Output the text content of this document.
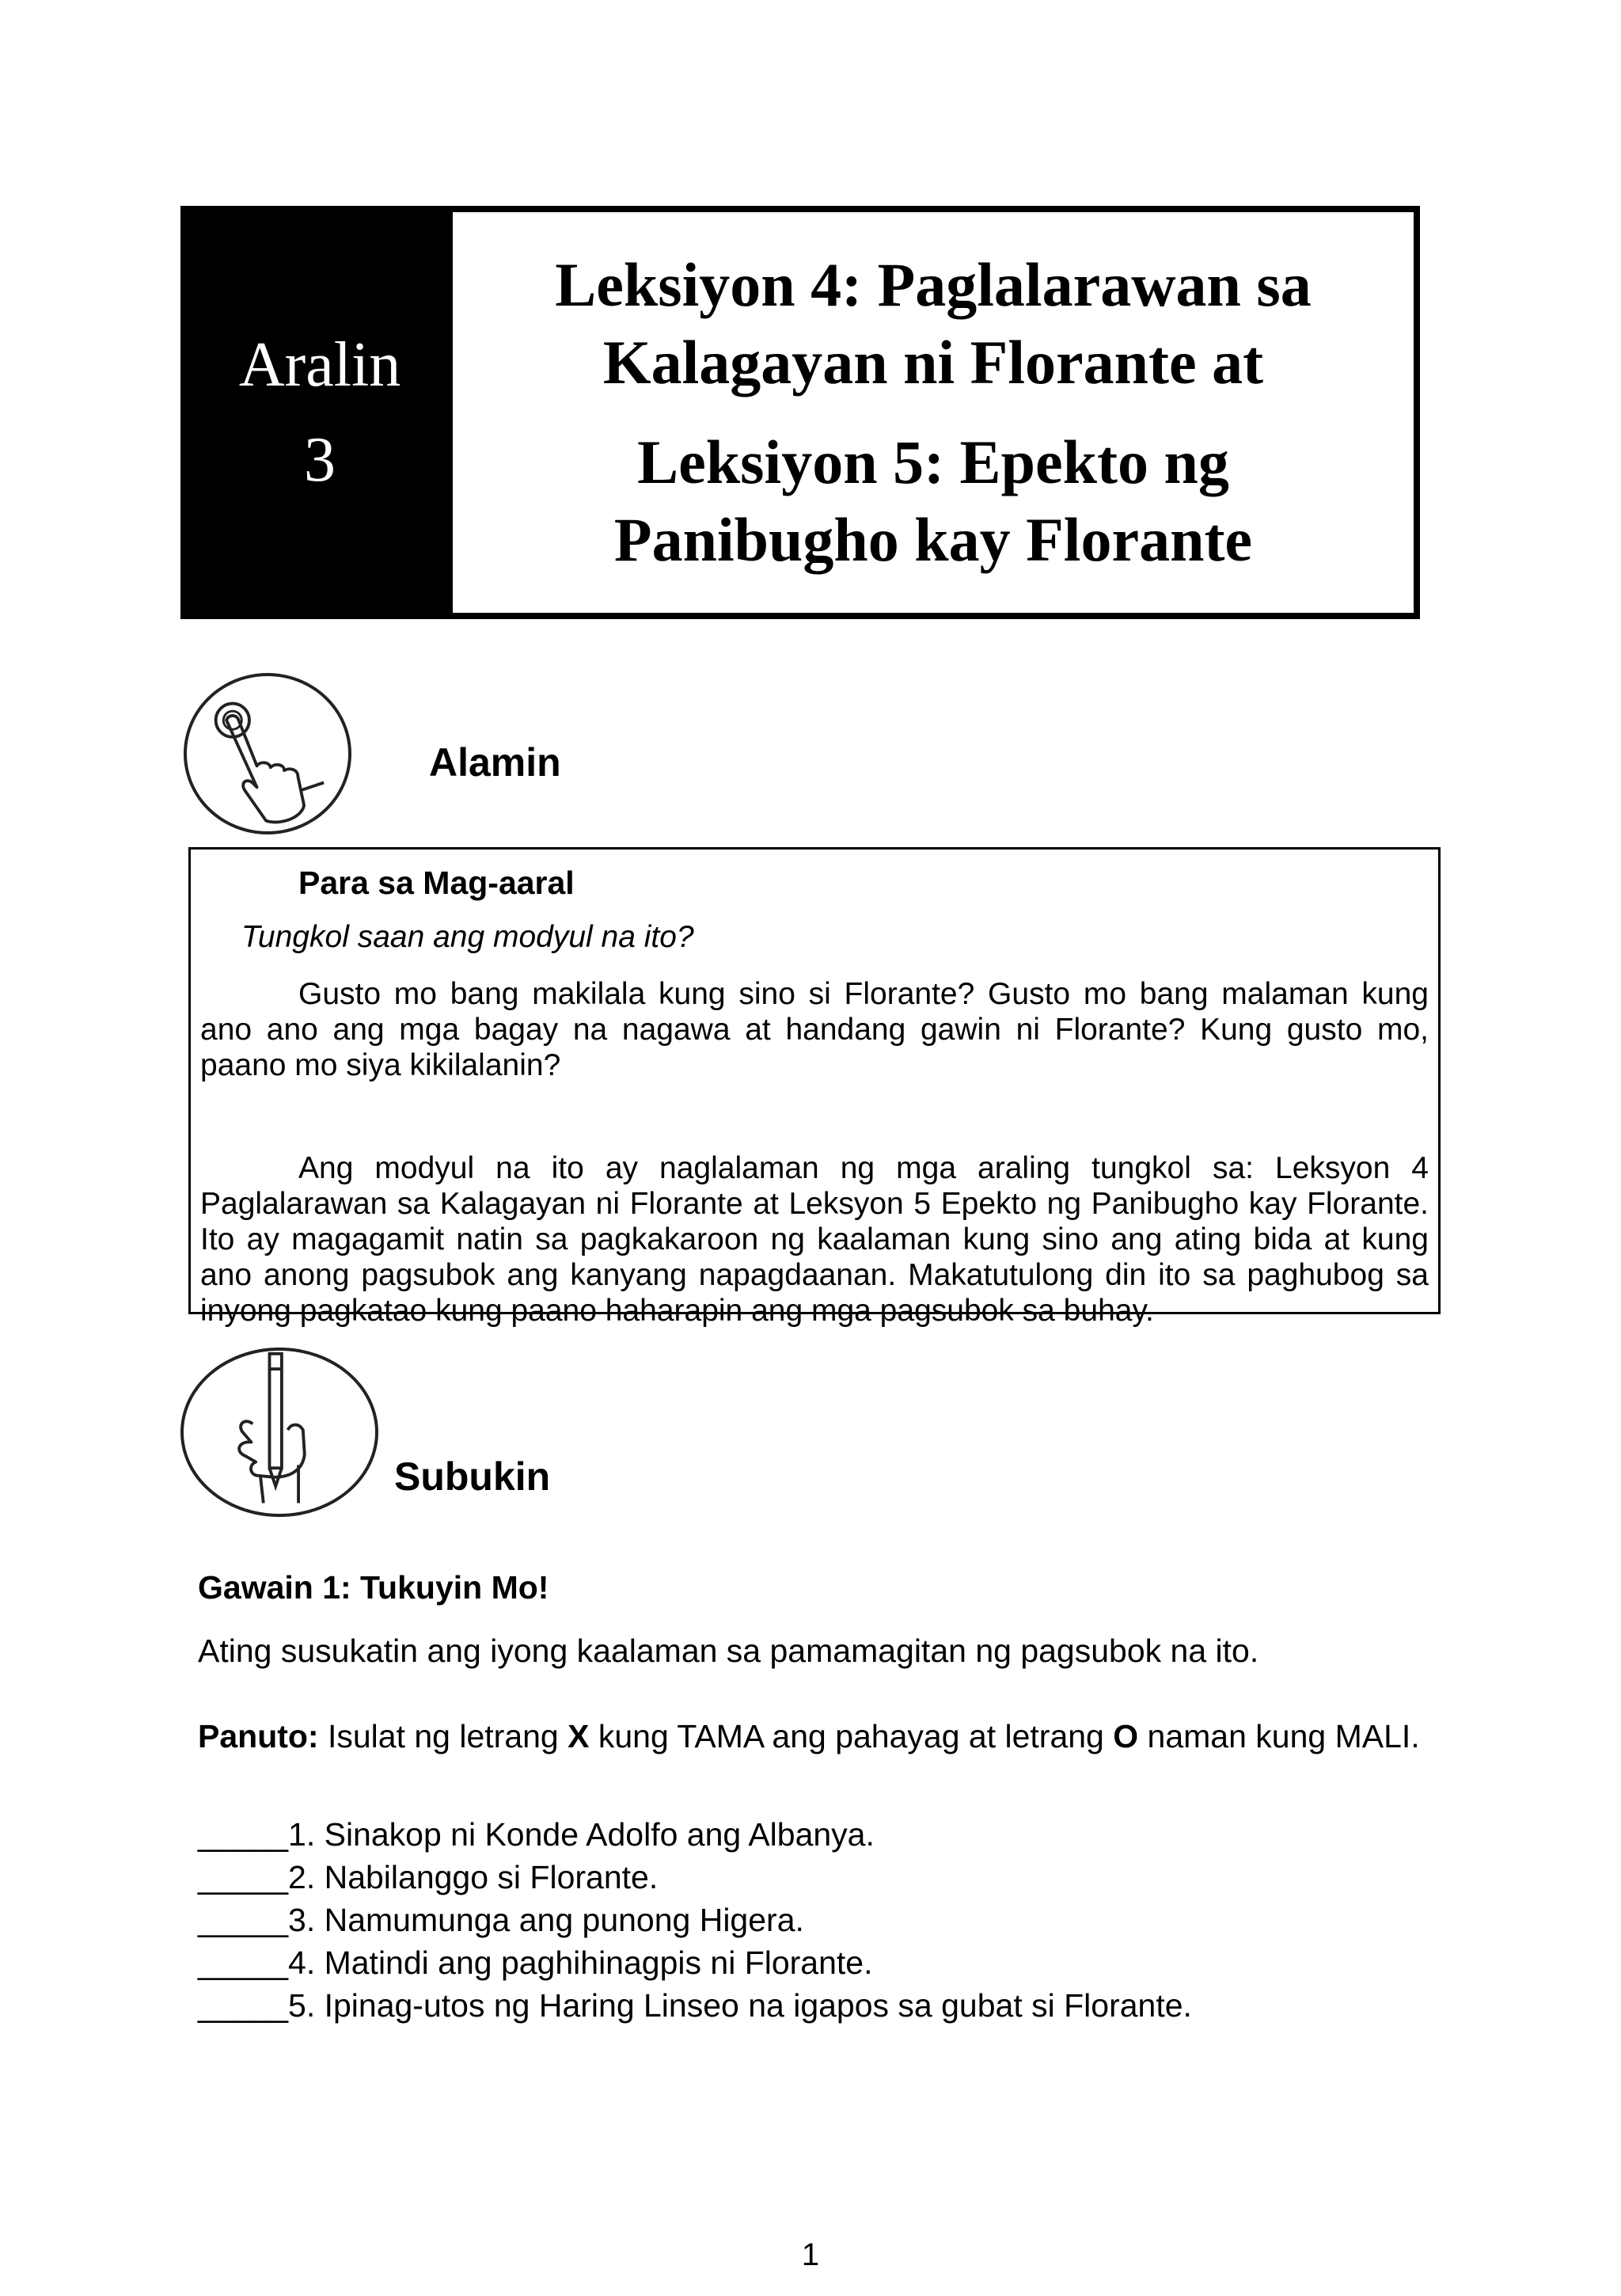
Aralin
3
Leksiyon 4: Paglalarawan sa
Kalagayan ni Florante at
Leksiyon 5: Epekto ng
Panibugho kay Florante
Alamin
Para sa Mag-aaral
Tungkol saan ang modyul na ito?
Gusto mo bang makilala kung sino si Florante? Gusto mo bang malaman kung ano ano ang mga bagay na nagawa at handang gawin ni Florante? Kung gusto mo, paano mo siya kikilalanin?
Ang modyul na ito ay naglalaman ng mga araling tungkol sa: Leksyon 4 Paglalarawan sa Kalagayan ni Florante at Leksyon 5 Epekto ng Panibugho kay Florante. Ito ay magagamit natin sa pagkakaroon ng kaalaman kung sino ang ating bida at kung ano anong pagsubok ang kanyang napagdaanan. Makatutulong din ito sa paghubog sa inyong pagkatao kung paano haharapin ang mga pagsubok sa buhay.
Subukin
Gawain 1: Tukuyin Mo!
Ating susukatin ang iyong kaalaman sa pamamagitan ng pagsubok na ito.
Panuto: Isulat ng letrang X kung TAMA ang pahayag at letrang O naman kung MALI.
_____1. Sinakop ni Konde Adolfo ang Albanya.
_____2. Nabilanggo si Florante.
_____3. Namumunga ang punong Higera.
_____4. Matindi ang paghihinagpis ni Florante.
_____5. Ipinag-utos ng Haring Linseo na igapos sa gubat si Florante.
1
